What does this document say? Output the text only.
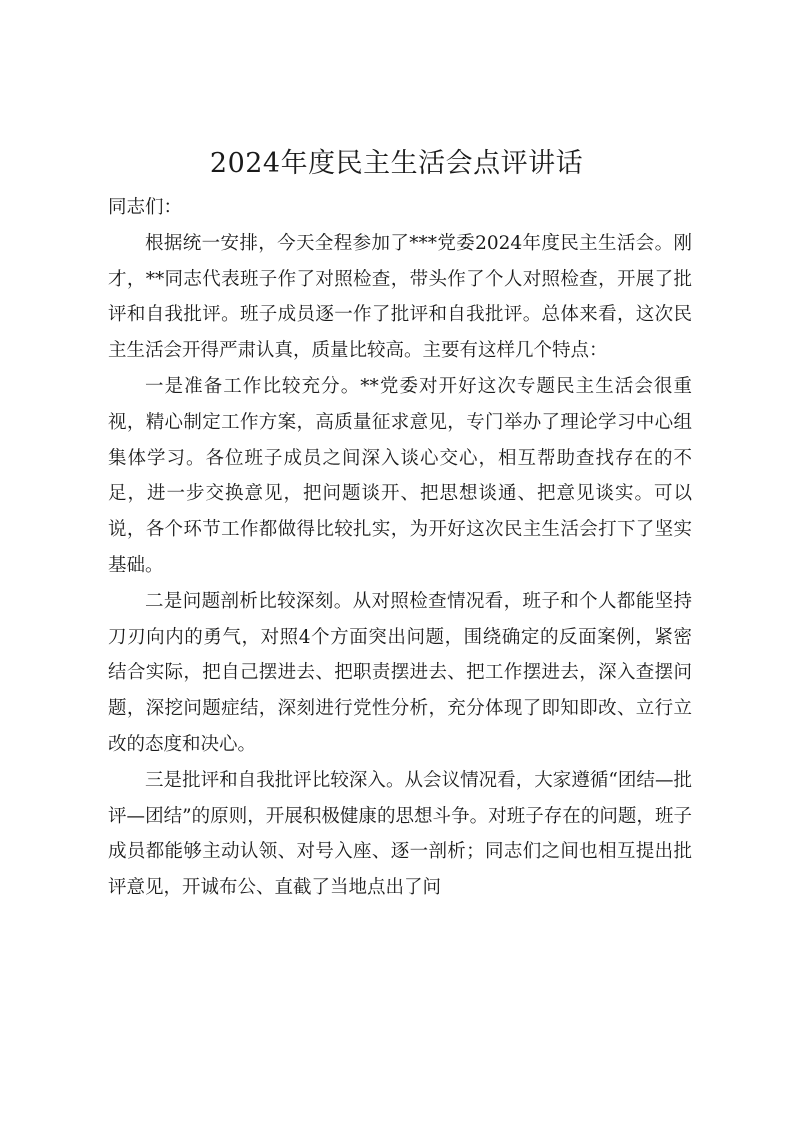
2024年度民主生活会点评讲话

同志们：

根据统一安排，今天全程参加了***党委2024年度民主生活会。刚才，**同志代表班子作了对照检查，带头作了个人对照检查，开展了批评和自我批评。班子成员逐一作了批评和自我批评。总体来看，这次民主生活会开得严肃认真，质量比较高。主要有这样几个特点：

一是准备工作比较充分。**党委对开好这次专题民主生活会很重视，精心制定工作方案，高质量征求意见，专门举办了理论学习中心组集体学习。各位班子成员之间深入谈心交心，相互帮助查找存在的不足，进一步交换意见，把问题谈开、把思想谈通、把意见谈实。可以说，各个环节工作都做得比较扎实，为开好这次民主生活会打下了坚实基础。

二是问题剖析比较深刻。从对照检查情况看，班子和个人都能坚持刀刃向内的勇气，对照4个方面突出问题，围绕确定的反面案例，紧密结合实际，把自己摆进去、把职责摆进去、把工作摆进去，深入查摆问题，深挖问题症结，深刻进行党性分析，充分体现了即知即改、立行立改的态度和决心。

三是批评和自我批评比较深入。从会议情况看，大家遵循“团结—批评—团结”的原则，开展积极健康的思想斗争。对班子存在的问题，班子成员都能够主动认领、对号入座、逐一剖析；同志们之间也相互提出批评意见，开诚布公、直截了当地点出了问
